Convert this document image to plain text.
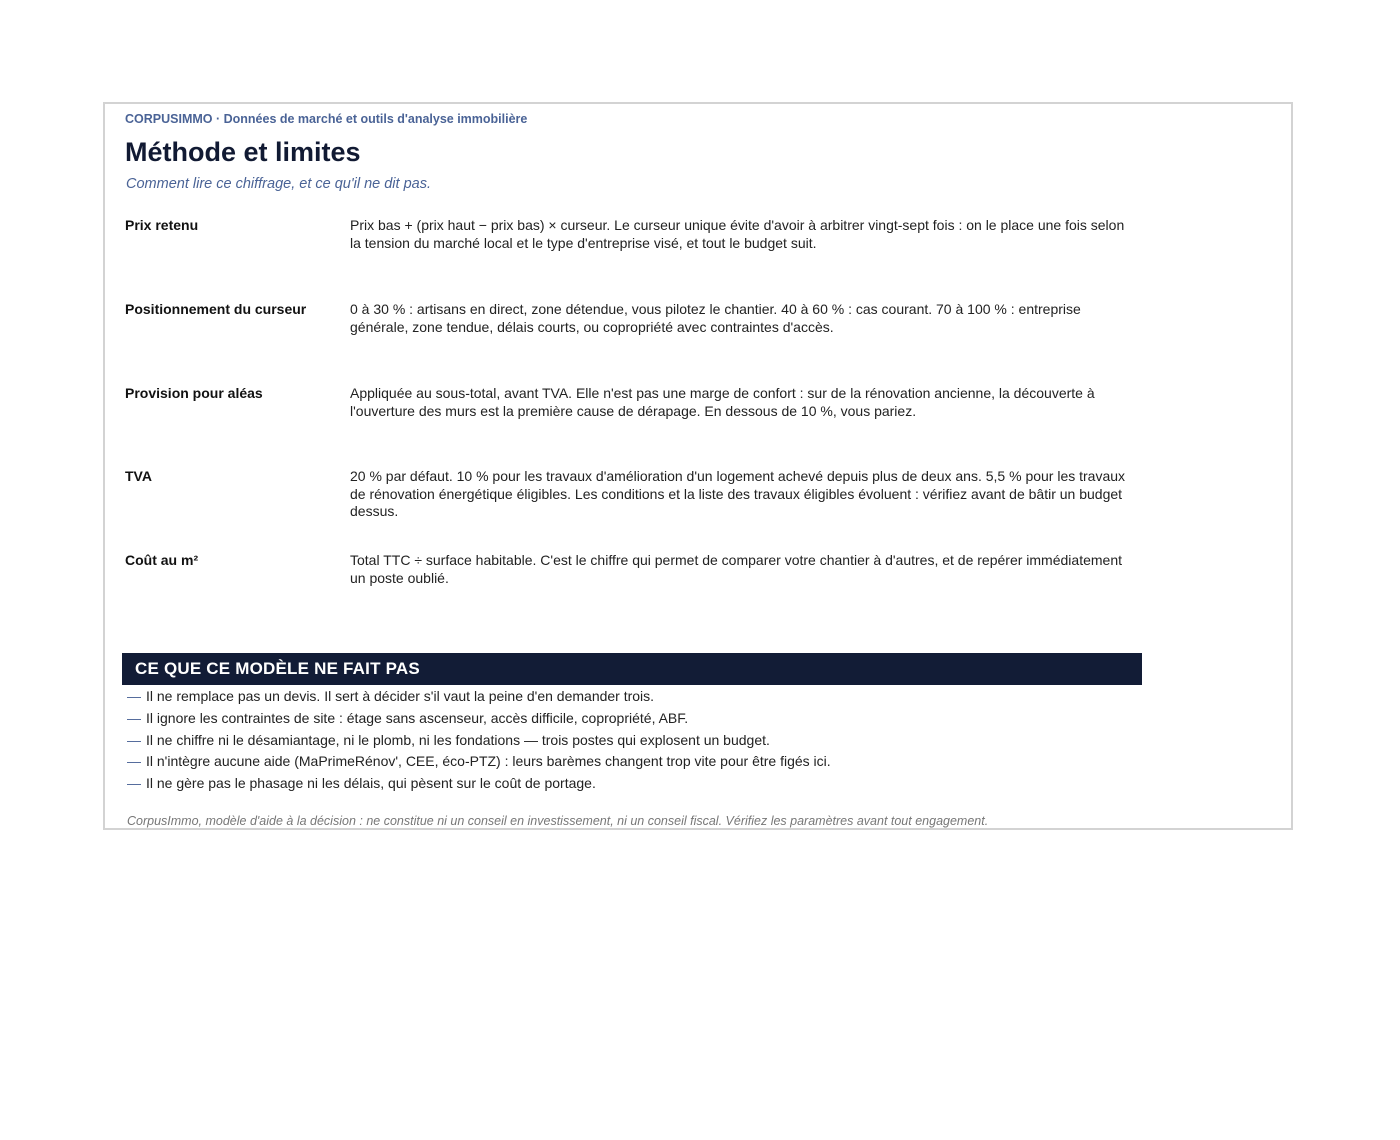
CORPUSIMMO · Données de marché et outils d'analyse immobilière
Méthode et limites
Comment lire ce chiffrage, et ce qu'il ne dit pas.
Prix retenu	Prix bas + (prix haut − prix bas) × curseur. Le curseur unique évite d'avoir à arbitrer vingt-sept fois : on le place une fois selon la tension du marché local et le type d'entreprise visé, et tout le budget suit.
Positionnement du curseur	0 à 30 % : artisans en direct, zone détendue, vous pilotez le chantier. 40 à 60 % : cas courant. 70 à 100 % : entreprise générale, zone tendue, délais courts, ou copropriété avec contraintes d'accès.
Provision pour aléas	Appliquée au sous-total, avant TVA. Elle n'est pas une marge de confort : sur de la rénovation ancienne, la découverte à l'ouverture des murs est la première cause de dérapage. En dessous de 10 %, vous pariez.
TVA	20 % par défaut. 10 % pour les travaux d'amélioration d'un logement achevé depuis plus de deux ans. 5,5 % pour les travaux de rénovation énergétique éligibles. Les conditions et la liste des travaux éligibles évoluent : vérifiez avant de bâtir un budget dessus.
Coût au m²	Total TTC ÷ surface habitable. C'est le chiffre qui permet de comparer votre chantier à d'autres, et de repérer immédiatement un poste oublié.
CE QUE CE MODÈLE NE FAIT PAS
— Il ne remplace pas un devis. Il sert à décider s'il vaut la peine d'en demander trois.
— Il ignore les contraintes de site : étage sans ascenseur, accès difficile, copropriété, ABF.
— Il ne chiffre ni le désamiantage, ni le plomb, ni les fondations — trois postes qui explosent un budget.
— Il n'intègre aucune aide (MaPrimeRénov', CEE, éco-PTZ) : leurs barèmes changent trop vite pour être figés ici.
— Il ne gère pas le phasage ni les délais, qui pèsent sur le coût de portage.
CorpusImmo, modèle d'aide à la décision : ne constitue ni un conseil en investissement, ni un conseil fiscal. Vérifiez les paramètres avant tout engagement.
